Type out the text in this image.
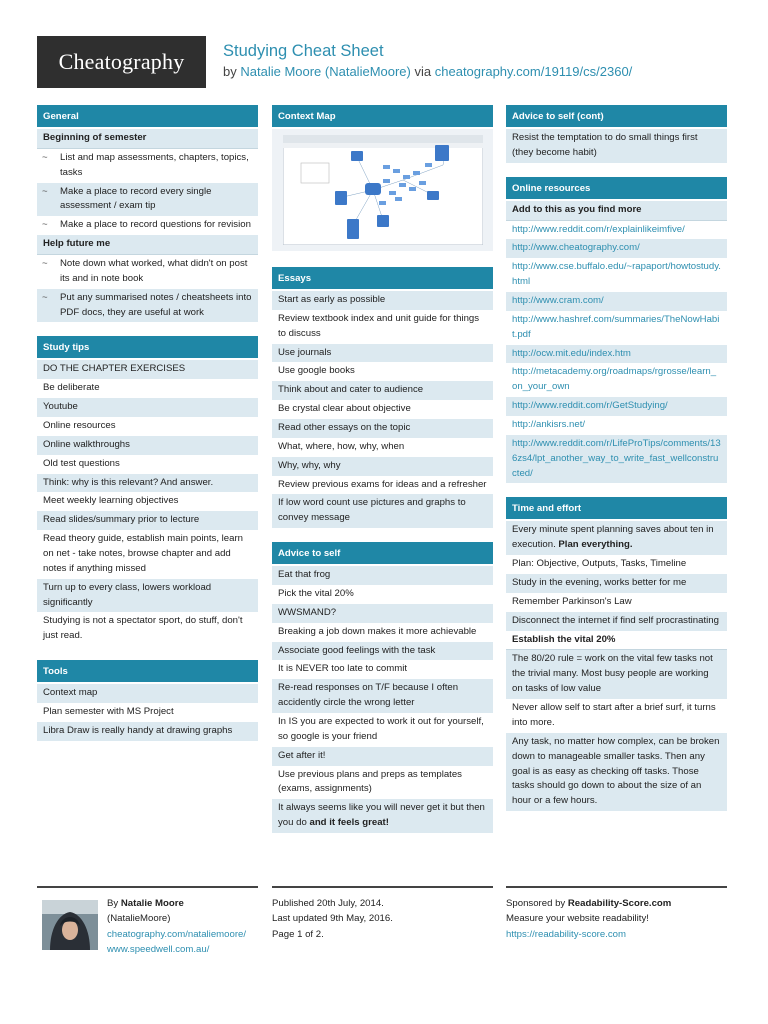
Cheatography	Studying Cheat Sheet
by Natalie Moore (NatalieMoore) via cheatography.com/19119/cs/2360/
General
Beginning of semester
~ List and map assessments, chapters, topics, tasks
~ Make a place to record every single assessment / exam tip
~ Make a place to record questions for revision
Help future me
~ Note down what worked, what didn't on post its and in note book
~ Put any summarised notes / cheatsheets into PDF docs, they are useful at work
Study tips
DO THE CHAPTER EXERCISES
Be deliberate
Youtube
Online resources
Online walkthroughs
Old test questions
Think: why is this relevant? And answer.
Meet weekly learning objectives
Read slides/summary prior to lecture
Read theory guide, establish main points, learn on net - take notes, browse chapter and add notes if anything missed
Turn up to every class, lowers workload significantly
Studying is not a spectator sport, do stuff, don't just read.
Tools
Context map
Plan semester with MS Project
Libra Draw is really handy at drawing graphs
Context Map
Essays
Start as early as possible
Review textbook index and unit guide for things to discuss
Use journals
Use google books
Think about and cater to audience
Be crystal clear about objective
Read other essays on the topic
What, where, how, why, when
Why, why, why
Review previous exams for ideas and a refresher
If low word count use pictures and graphs to convey message
Advice to self
Eat that frog
Pick the vital 20%
WWSMAND?
Breaking a job down makes it more achievable
Associate good feelings with the task
It is NEVER too late to commit
Re-read responses on T/F because I often accidently circle the wrong letter
In IS you are expected to work it out for yourself, so google is your friend
Get after it!
Use previous plans and preps as templates (exams, assignments)
It always seems like you will never get it but then you do and it feels great!
Advice to self (cont)
Resist the temptation to do small things first (they become habit)
Online resources
Add to this as you find more
http://www.reddit.com/r/explainlikeimfive/
http://www.cheatography.com/
http://www.cse.buffalo.edu/~rapaport/howtostudy.html
http://www.cram.com/
http://www.hashref.com/summaries/TheNowHabit.pdf
http://ocw.mit.edu/index.htm
http://metacademy.org/roadmaps/rgrosse/learn_on_your_own
http://www.reddit.com/r/GetStudying/
http://ankisrs.net/
http://www.reddit.com/r/LifeProTips/comments/136zs4/lpt_another_way_to_write_fast_wellconstructed/
Time and effort
Every minute spent planning saves about ten in execution. Plan everything.
Plan: Objective, Outputs, Tasks, Timeline
Study in the evening, works better for me
Remember Parkinson's Law
Disconnect the internet if find self procrastinating
Establish the vital 20%
The 80/20 rule = work on the vital few tasks not the trivial many. Most busy people are working on tasks of low value
Never allow self to start after a brief surf, it turns into more.
Any task, no matter how complex, can be broken down to manageable smaller tasks. Then any goal is as easy as checking off tasks. Those tasks should go down to about the size of an hour or a few hours.
By Natalie Moore
(NatalieMoore)
cheatography.com/nataliemoore/
www.speedwell.com.au/
Published 20th July, 2014.
Last updated 9th May, 2016.
Page 1 of 2.
Sponsored by Readability-Score.com
Measure your website readability!
https://readability-score.com
